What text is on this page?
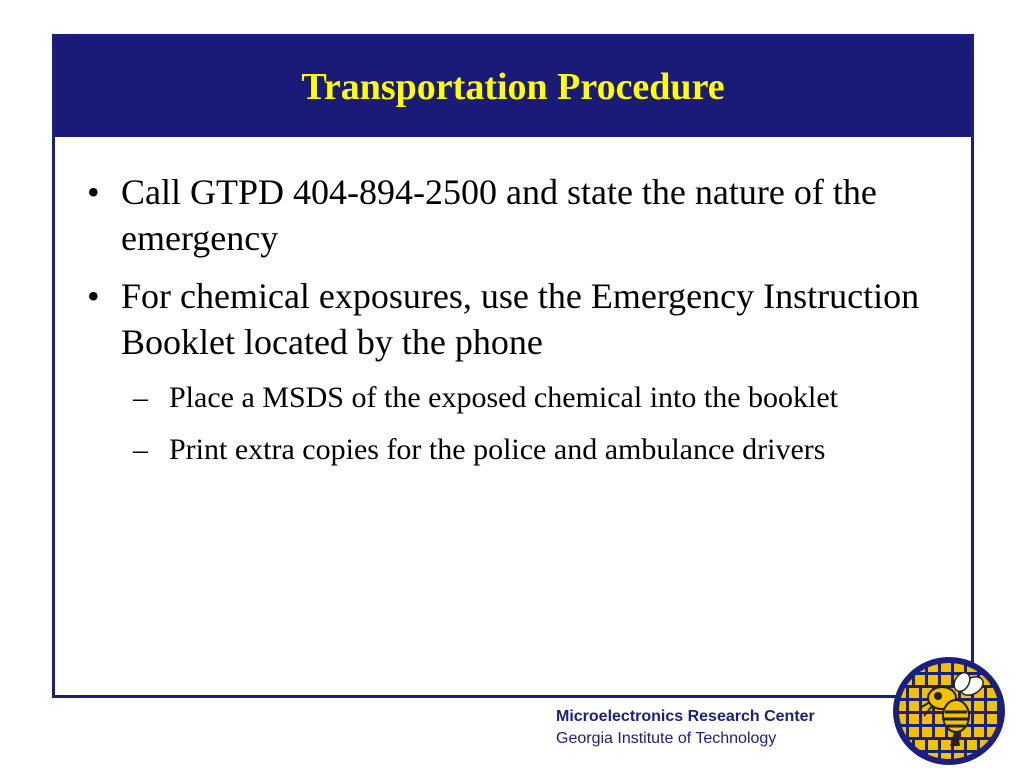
Transportation Procedure
• Call GTPD 404-894-2500 and state the nature of the emergency
• For chemical exposures, use the Emergency Instruction Booklet located by the phone
– Place a MSDS of the exposed chemical into the booklet
– Print extra copies for the police and ambulance drivers
Microelectronics Research Center
Georgia Institute of Technology
